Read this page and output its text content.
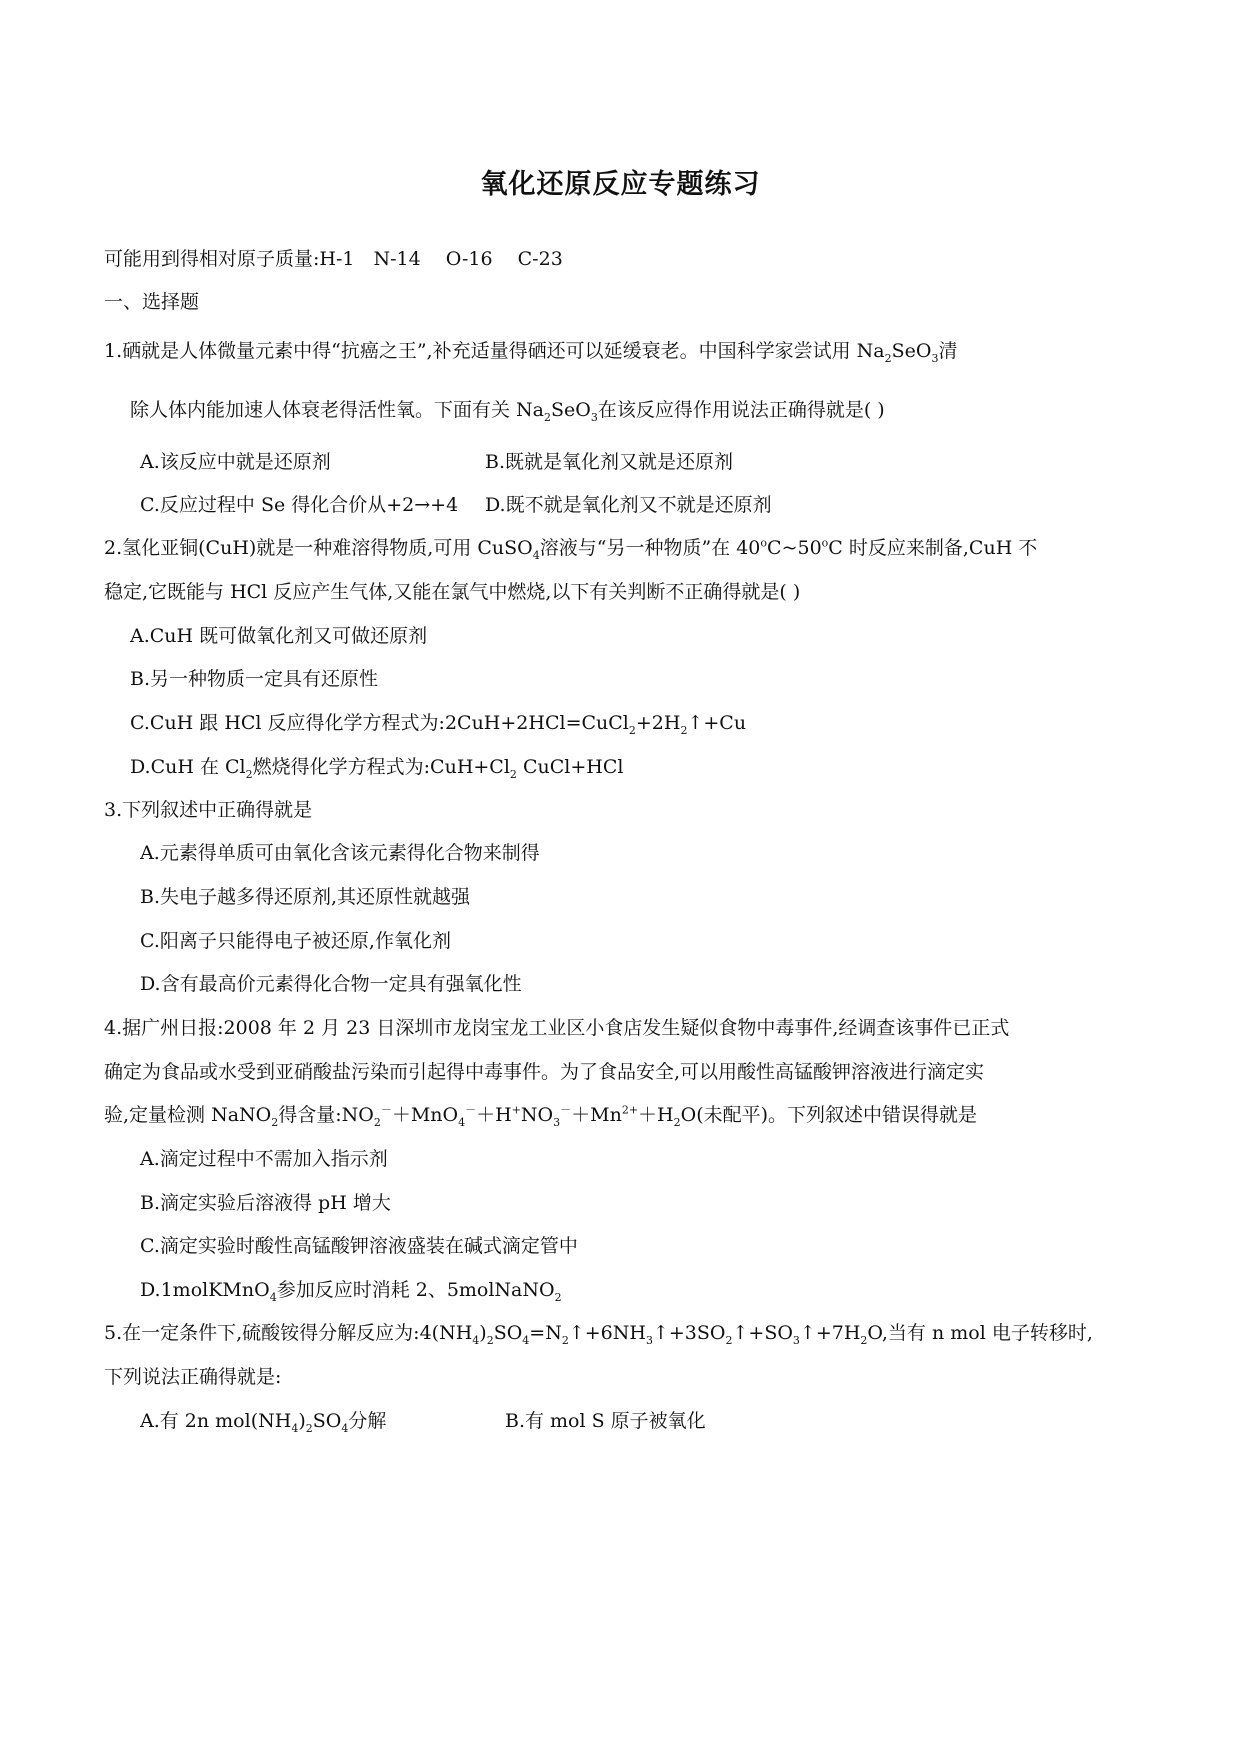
氧化还原反应专题练习
可能用到得相对原子质量:H-1　N-14　 O-16　 C-23
一、选择题
1.硒就是人体微量元素中得“抗癌之王”,补充适量得硒还可以延缓衰老。中国科学家尝试用 $Na_2SeO_3$清
除人体内能加速人体衰老得活性氧。下面有关 $Na_2SeO_3$在该反应得作用说法正确得就是( )
A.该反应中就是还原剂	B.既就是氧化剂又就是还原剂
C.反应过程中 Se 得化合价从+2→+4 D.既不就是氧化剂又不就是还原剂
2.氢化亚铜(CuH)就是一种难溶得物质,可用 CuSO$_4$溶液与“另一种物质”在 40$^o$C~50$^o$C 时反应来制备,CuH 不
稳定,它既能与 HCl 反应产生气体,又能在氯气中燃烧,以下有关判断不正确得就是( )
A.CuH 既可做氧化剂又可做还原剂
B.另一种物质一定具有还原性
C.CuH 跟 HCl 反应得化学方程式为$:2CuH+2HCl=CuCl_2+2H_2↑+Cu$
D.CuH 在 $Cl_2$燃烧得化学方程式为$:CuH+Cl_2$ CuCl+HCl
3.下列叙述中正确得就是
A.元素得单质可由氧化含该元素得化合物来制得
B.失电子越多得还原剂,其还原性就越强
C.阳离子只能得电子被还原,作氧化剂
D.含有最高价元素得化合物一定具有强氧化性
4.据广州日报:2008 年 2 月 23 日深圳市龙岗宝龙工业区小食店发生疑似食物中毒事件,经调查该事件已正式
确定为食品或水受到亚硝酸盐污染而引起得中毒事件。为了食品安全,可以用酸性高锰酸钾溶液进行滴定实
验,定量检测 NaNO$_2$得含量$:NO_2^-+MnO_4^-+H^+NO_3^-+Mn^{2+}+H_2O$(未配平)。下列叙述中错误得就是
A.滴定过程中不需加入指示剂
B.滴定实验后溶液得 pH 增大
C.滴定实验时酸性高锰酸钾溶液盛装在碱式滴定管中
D.1molKMnO$_4$参加反应时消耗 2、5molNaNO$_2$
5.在一定条件下,硫酸铵得分解反应为$:4(NH_4)_2SO_4=N_2↑+6NH_3↑+3SO_2↑+SO_3↑+7H_2O$,当有 n mol 电子转移时,
下列说法正确得就是:
A.有 2n $mol(NH_4)_2SO_4$分解	B.有 mol S 原子被氧化
